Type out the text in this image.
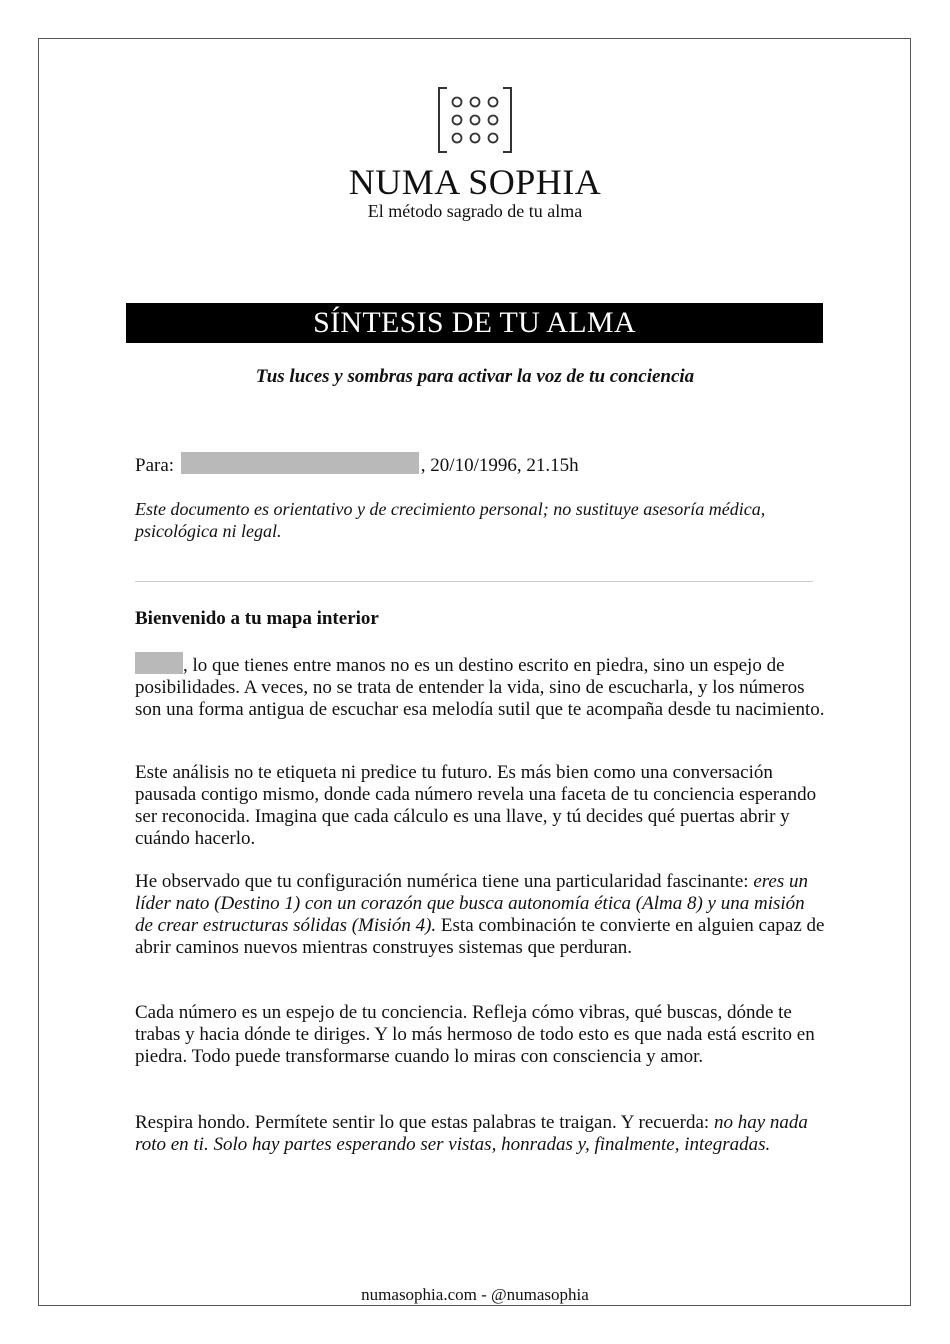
NUMA SOPHIA
El método sagrado de tu alma
SÍNTESIS DE TU ALMA
Tus luces y sombras para activar la voz de tu conciencia
Para:	, 20/10/1996, 21.15h
Este documento es orientativo y de crecimiento personal; no sustituye asesoría médica, psicológica ni legal.
Bienvenido a tu mapa interior

, lo que tienes entre manos no es un destino escrito en piedra, sino un espejo de posibilidades. A veces, no se trata de entender la vida, sino de escucharla, y los números son una forma antigua de escuchar esa melodía sutil que te acompaña desde tu nacimiento.

Este análisis no te etiqueta ni predice tu futuro. Es más bien como una conversación pausada contigo mismo, donde cada número revela una faceta de tu conciencia esperando ser reconocida. Imagina que cada cálculo es una llave, y tú decides qué puertas abrir y cuándo hacerlo.

He observado que tu configuración numérica tiene una particularidad fascinante: eres un líder nato (Destino 1) con un corazón que busca autonomía ética (Alma 8) y una misión de crear estructuras sólidas (Misión 4). Esta combinación te convierte en alguien capaz de abrir caminos nuevos mientras construyes sistemas que perduran.

Cada número es un espejo de tu conciencia. Refleja cómo vibras, qué buscas, dónde te trabas y hacia dónde te diriges. Y lo más hermoso de todo esto es que nada está escrito en piedra. Todo puede transformarse cuando lo miras con consciencia y amor.

Respira hondo. Permítete sentir lo que estas palabras te traigan. Y recuerda: no hay nada roto en ti. Solo hay partes esperando ser vistas, honradas y, finalmente, integradas.

numasophia.com - @numasophia
